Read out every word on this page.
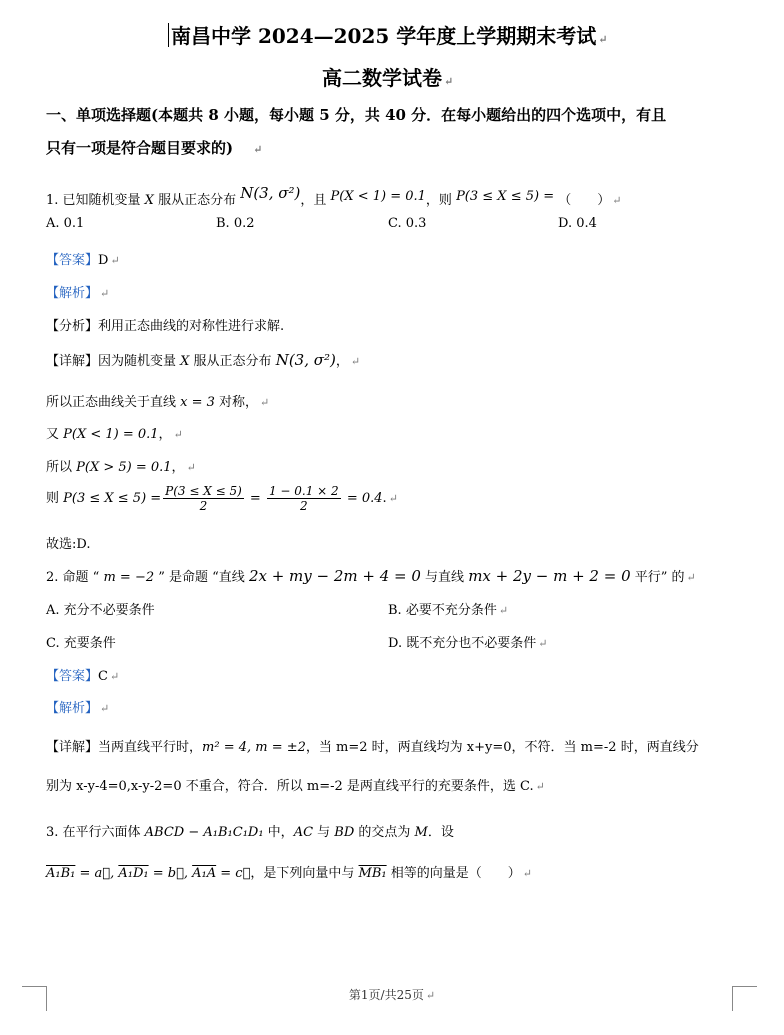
南昌中学 2024—2025 学年度上学期期末考试 ↵
高二数学试卷 ↵
一、单项选择题(本题共 8 小题，每小题 5 分，共 40 分．在每小题给出的四个选项中，有且
只有一项是符合题目要求的) ↵
1. 已知随机变量 X 服从正态分布 N(3, σ²)，且 P(X < 1) = 0.1，则 P(3 ≤ X ≤ 5) = （　　） ↵
A. 0.1	B. 0.2	C. 0.3	D. 0.4
【答案】D ↵
【解析】 ↵
【分析】利用正态曲线的对称性进行求解.
【详解】因为随机变量 X 服从正态分布 N(3, σ²)， ↵
所以正态曲线关于直线 x = 3 对称， ↵
又 P(X < 1) = 0.1， ↵
所以 P(X > 5) = 0.1， ↵
则 $P(3 \le X \le 5) = \frac{P(3 \le X \le 5)}{2} = \frac{1 - 0.1 \times 2}{2} = 0.4$. ↵
故选:D.
2. 命题 “ m = −2 ” 是命题 “直线 2x + my − 2m + 4 = 0 与直线 mx + 2y − m + 2 = 0 平行” 的 ↵
A. 充分不必要条件	B. 必要不充分条件 ↵
C. 充要条件	D. 既不充分也不必要条件 ↵
【答案】C ↵
【解析】 ↵
【详解】当两直线平行时，m² = 4, m = ±2，当 m=2 时，两直线均为 x+y=0，不符．当 m=-2 时，两直线分
别为 x-y-4=0,x-y-2=0 不重合，符合．所以 m=-2 是两直线平行的充要条件，选 C. ↵
3. 在平行六面体 ABCD − A₁B₁C₁D₁ 中，AC 与 BD 的交点为 M．设
A₁B₁ = a⃗, A₁D₁ = b⃗, A₁A = c⃗，是下列向量中与 MB₁ 相等的向量是（　　） ↵
第1页/共25页 ↵
